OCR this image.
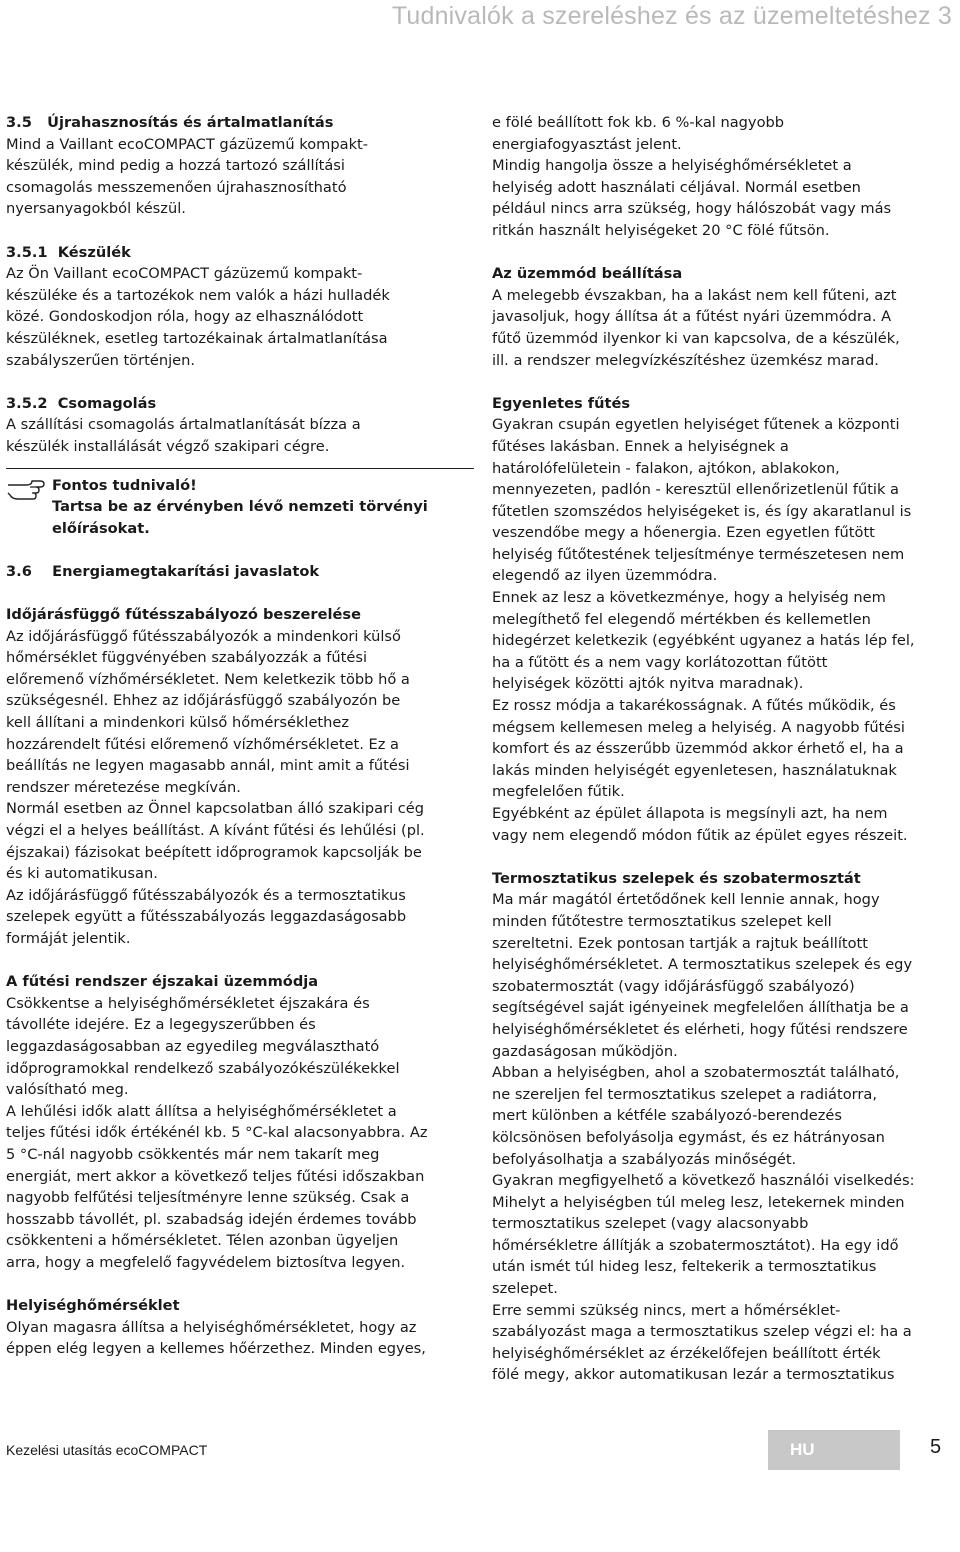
Tudnivalók a szereléshez és az üzemeltetéshez 3

3.5   Újrahasznosítás és ártalmatlanítás

Mind a Vaillant ecoCOMPACT gázüzemű kompakt-
készülék, mind pedig a hozzá tartozó szállítási
csomagolás messzemenően újrahasznosítható
nyersanyagokból készül.

3.5.1  Készülék

Az Ön Vaillant ecoCOMPACT gázüzemű kompakt-
készüléke és a tartozékok nem valók a házi hulladék
közé. Gondoskodjon róla, hogy az elhasználódott
készüléknek, esetleg tartozékainak ártalmatlanítása
szabályszerűen történjen.

3.5.2  Csomagolás

A szállítási csomagolás ártalmatlanítását bízza a
készülék installálását végző szakipari cégre.

Fontos tudnivaló!

Tartsa be az érvényben lévő nemzeti törvényi
előírásokat.

3.6    Energiamegtakarítási javaslatok

Időjárásfüggő fűtésszabályozó beszerelése

Az időjárásfüggő fűtésszabályozók a mindenkori külső
hőmérséklet függvényében szabályozzák a fűtési
előremenő vízhőmérsékletet. Nem keletkezik több hő a
szükségesnél. Ehhez az időjárásfüggő szabályozón be
kell állítani a mindenkori külső hőmérséklethez
hozzárendelt fűtési előremenő vízhőmérsékletet. Ez a
beállítás ne legyen magasabb annál, mint amit a fűtési
rendszer méretezése megkíván.

Normál esetben az Önnel kapcsolatban álló szakipari cég
végzi el a helyes beállítást. A kívánt fűtési és lehűlési (pl.
éjszakai) fázisokat beépített időprogramok kapcsolják be
és ki automatikusan.

Az időjárásfüggő fűtésszabályozók és a termosztatikus
szelepek együtt a fűtésszabályozás leggazdaságosabb
formáját jelentik.

A fűtési rendszer éjszakai üzemmódja

Csökkentse a helyiséghőmérsékletet éjszakára és
távolléte idejére. Ez a legegyszerűbben és
leggazdaságosabban az egyedileg megválasztható
időprogramokkal rendelkező szabályozókészülékekkel
valósítható meg.

A lehűlési idők alatt állítsa a helyiséghőmérsékletet a
teljes fűtési idők értékénél kb. 5 °C-kal alacsonyabbra. Az
5 °C-nál nagyobb csökkentés már nem takarít meg
energiát, mert akkor a következő teljes fűtési időszakban
nagyobb felfűtési teljesítményre lenne szükség. Csak a
hosszabb távollét, pl. szabadság idején érdemes tovább
csökkenteni a hőmérsékletet. Télen azonban ügyeljen
arra, hogy a megfelelő fagyvédelem biztosítva legyen.

Helyiséghőmérséklet

Olyan magasra állítsa a helyiséghőmérsékletet, hogy az
éppen elég legyen a kellemes hőérzethez. Minden egyes,

e fölé beállított fok kb. 6 %-kal nagyobb
energiafogyasztást jelent.

Mindig hangolja össze a helyiséghőmérsékletet a
helyiség adott használati céljával. Normál esetben
például nincs arra szükség, hogy hálószobát vagy más
ritkán használt helyiségeket 20 °C fölé fűtsön.

Az üzemmód beállítása

A melegebb évszakban, ha a lakást nem kell fűteni, azt
javasoljuk, hogy állítsa át a fűtést nyári üzemmódra. A
fűtő üzemmód ilyenkor ki van kapcsolva, de a készülék,
ill. a rendszer melegvízkészítéshez üzemkész marad.

Egyenletes fűtés

Gyakran csupán egyetlen helyiséget fűtenek a központi
fűtéses lakásban. Ennek a helyiségnek a
határolófelületein - falakon, ajtókon, ablakokon,
mennyezeten, padlón - keresztül ellenőrizetlenül fűtik a
fűtetlen szomszédos helyiségeket is, és így akaratlanul is
veszendőbe megy a hőenergia. Ezen egyetlen fűtött
helyiség fűtőtestének teljesítménye természetesen nem
elegendő az ilyen üzemmódra.

Ennek az lesz a következménye, hogy a helyiség nem
melegíthető fel elegendő mértékben és kellemetlen
hidegérzet keletkezik (egyébként ugyanez a hatás lép fel,
ha a fűtött és a nem vagy korlátozottan fűtött
helyiségek közötti ajtók nyitva maradnak).

Ez rossz módja a takarékosságnak. A fűtés működik, és
mégsem kellemesen meleg a helyiség. A nagyobb fűtési
komfort és az ésszerűbb üzemmód akkor érhető el, ha a
lakás minden helyiségét egyenletesen, használatuknak
megfelelően fűtik.

Egyébként az épület állapota is megsínyli azt, ha nem
vagy nem elegendő módon fűtik az épület egyes részeit.

Termosztatikus szelepek és szobatermosztát

Ma már magától értetődőnek kell lennie annak, hogy
minden fűtőtestre termosztatikus szelepet kell
szereltetni. Ezek pontosan tartják a rajtuk beállított
helyiséghőmérsékletet. A termosztatikus szelepek és egy
szobatermosztát (vagy időjárásfüggő szabályozó)
segítségével saját igényeinek megfelelően állíthatja be a
helyiséghőmérsékletet és elérheti, hogy fűtési rendszere
gazdaságosan működjön.

Abban a helyiségben, ahol a szobatermosztát található,
ne szereljen fel termosztatikus szelepet a radiátorra,
mert különben a kétféle szabályozó-berendezés
kölcsönösen befolyásolja egymást, és ez hátrányosan
befolyásolhatja a szabályozás minőségét.

Gyakran megfigyelhető a következő használói viselkedés:
Mihelyt a helyiségben túl meleg lesz, letekernek minden
termosztatikus szelepet (vagy alacsonyabb
hőmérsékletre állítják a szobatermosztátot). Ha egy idő
után ismét túl hideg lesz, feltekerik a termosztatikus
szelepet.

Erre semmi szükség nincs, mert a hőmérséklet-
szabályozást maga a termosztatikus szelep végzi el: ha a
helyiséghőmérséklet az érzékelőfejen beállított érték
fölé megy, akkor automatikusan lezár a termosztatikus

Kezelési utasítás ecoCOMPACT	HU	5
